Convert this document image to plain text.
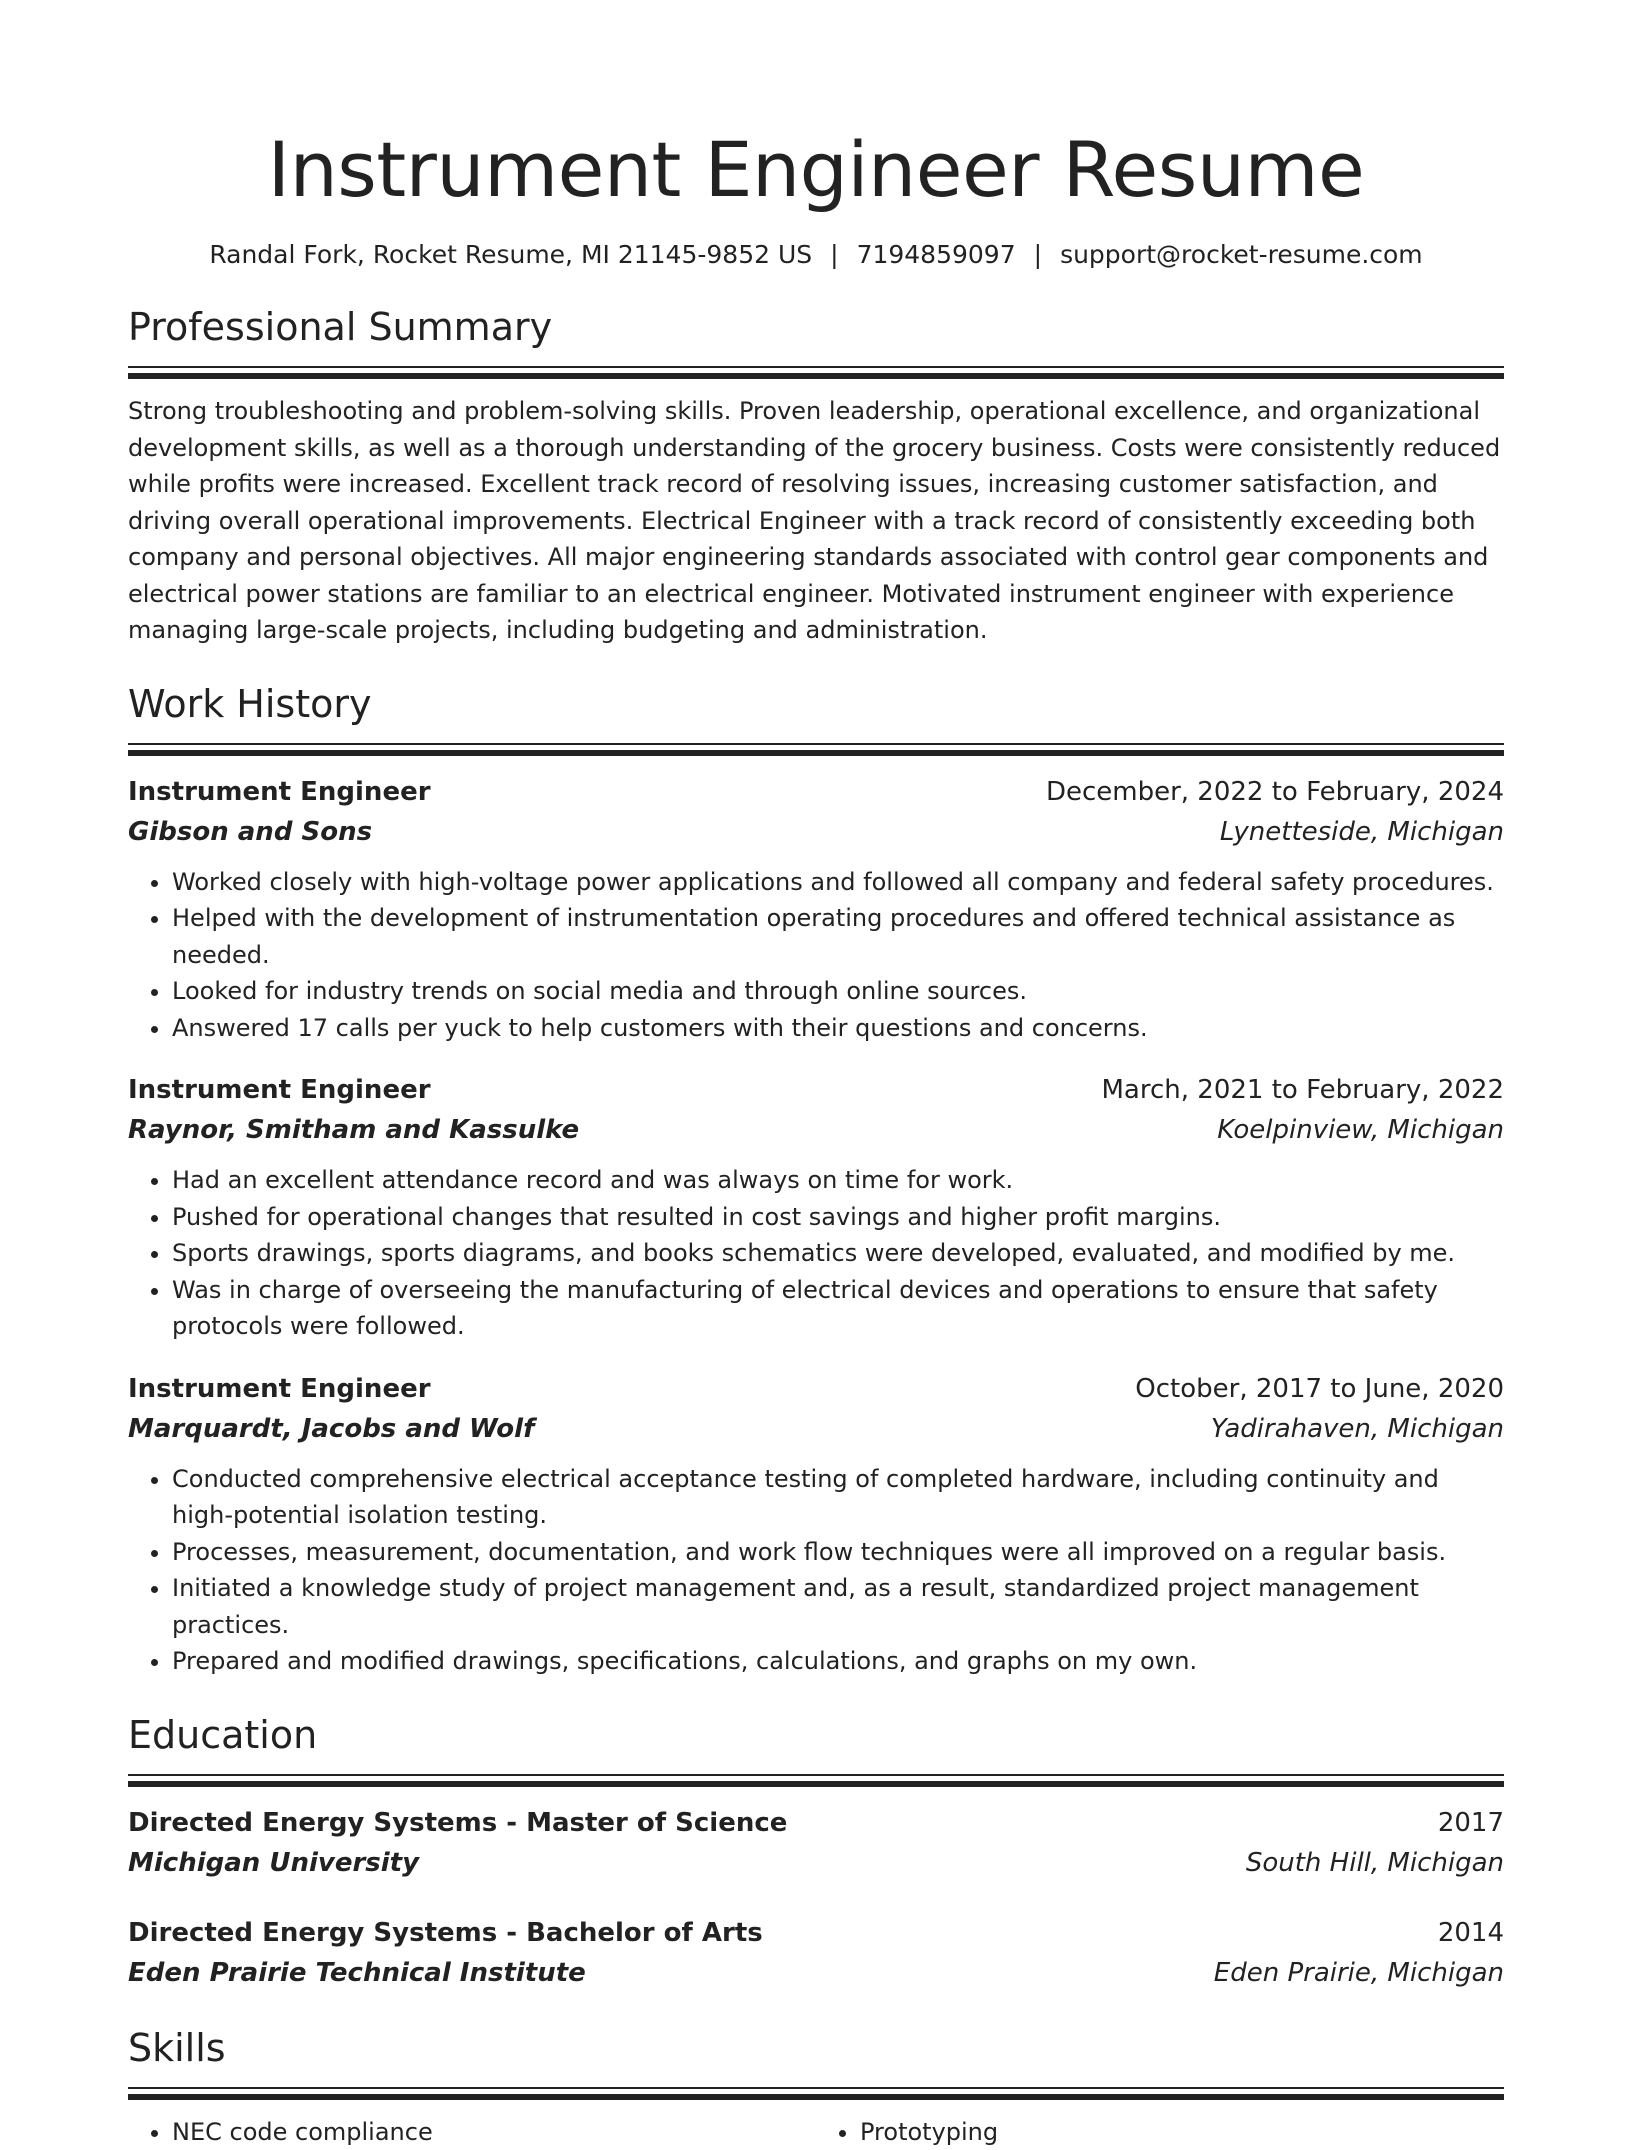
Instrument Engineer Resume
Randal Fork, Rocket Resume, MI 21145-9852 US | 7194859097 | support@rocket-resume.com
Professional Summary

Strong troubleshooting and problem-solving skills. Proven leadership, operational excellence, and organizational development skills, as well as a thorough understanding of the grocery business. Costs were consistently reduced while profits were increased. Excellent track record of resolving issues, increasing customer satisfaction, and driving overall operational improvements. Electrical Engineer with a track record of consistently exceeding both company and personal objectives. All major engineering standards associated with control gear components and electrical power stations are familiar to an electrical engineer. Motivated instrument engineer with experience managing large-scale projects, including budgeting and administration.

Work History
Instrument Engineer	December, 2022 to February, 2024
Gibson and Sons	Lynetteside, Michigan
• Worked closely with high-voltage power applications and followed all company and federal safety procedures.
• Helped with the development of instrumentation operating procedures and offered technical assistance as needed.
• Looked for industry trends on social media and through online sources.
• Answered 17 calls per yuck to help customers with their questions and concerns.
Instrument Engineer	March, 2021 to February, 2022
Raynor, Smitham and Kassulke	Koelpinview, Michigan
• Had an excellent attendance record and was always on time for work.
• Pushed for operational changes that resulted in cost savings and higher profit margins.
• Sports drawings, sports diagrams, and books schematics were developed, evaluated, and modified by me.
• Was in charge of overseeing the manufacturing of electrical devices and operations to ensure that safety protocols were followed.
Instrument Engineer	October, 2017 to June, 2020
Marquardt, Jacobs and Wolf	Yadirahaven, Michigan
• Conducted comprehensive electrical acceptance testing of completed hardware, including continuity and high-potential isolation testing.
• Processes, measurement, documentation, and work flow techniques were all improved on a regular basis.
• Initiated a knowledge study of project management and, as a result, standardized project management practices.
• Prepared and modified drawings, specifications, calculations, and graphs on my own.
Education
Directed Energy Systems - Master of Science	2017
Michigan University	South Hill, Michigan
Directed Energy Systems - Bachelor of Arts	2014
Eden Prairie Technical Institute	Eden Prairie, Michigan
Skills
• NEC code compliance
•	Prototyping
